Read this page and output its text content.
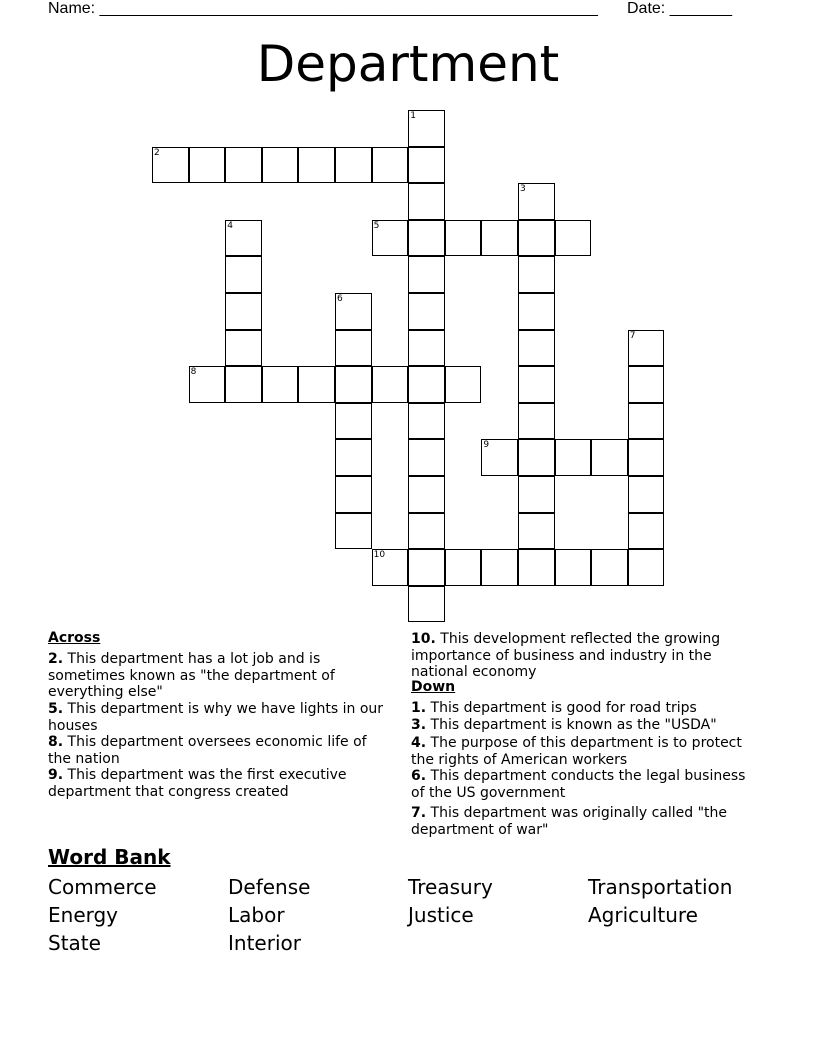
Name: ________________________________________________________ Date: _______
Department
1
2
3
4	5
6
7
8
9
10
Across
2. This department has a lot job and is sometimes known as "the department of everything else"
5. This department is why we have lights in our houses
8. This department oversees economic life of the nation
9. This department was the first executive department that congress created
10. This development reflected the growing importance of business and industry in the national economy
Down
1. This department is good for road trips
3. This department is known as the "USDA"
4. The purpose of this department is to protect the rights of American workers
6. This department conducts the legal business of the US government
7. This department was originally called "the department of war"
Word Bank
Commerce	Defense	Treasury	Transportation
Energy	Labor	Justice	Agriculture
State	Interior
